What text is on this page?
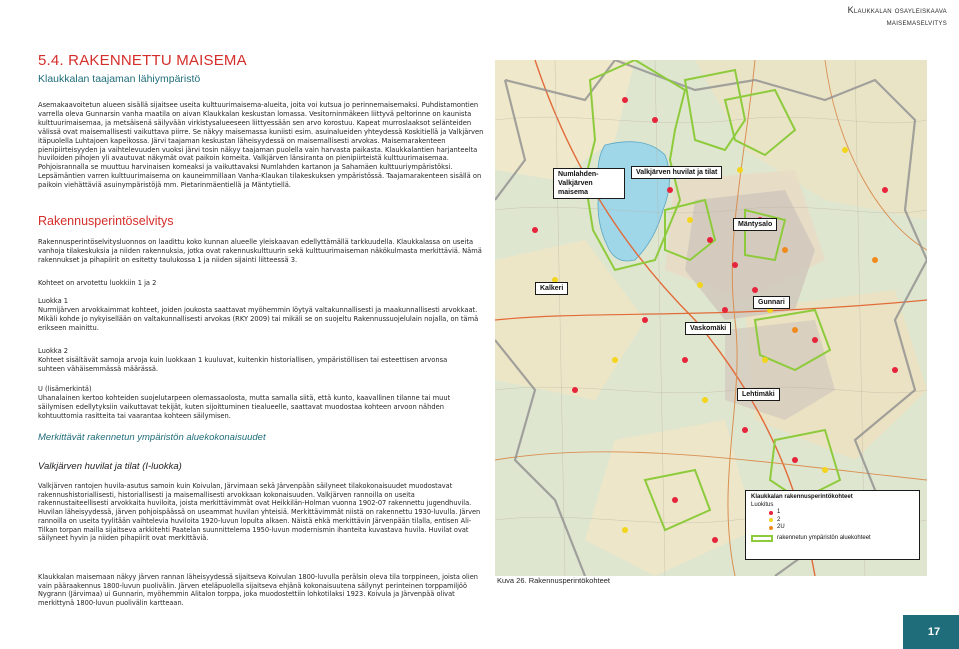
Klaukkalan osayleiskaava
maisemaselvitys
5.4. RAKENNETTU MAISEMA
Klaukkalan taajaman lähiympäristö
Asemakaavoitetun alueen sisällä sijaitsee useita kulttuurimaisema-alueita, joita voi kutsua jo perinnemaisemaksi. Puhdistamontien varrella oleva Gunnarsin vanha maatila on aivan Klaukkalan keskustan lomassa. Vesitorninmäkeen liittyvä peltorinne on kaunista kulttuurimaisemaa, ja metsäisenä säilyvään virkistysalueeseen liittyessään sen arvo korostuu. Kapeat murroslaaksot selänteiden välissä ovat maisemallisesti vaikuttava piirre. Se näkyy maisemassa kuniisti esim. asuinalueiden yhteydessä Koskitiellä ja Valkjärven itäpuolella Luhtajoen kapeikossa. Järvi taajaman keskustan läheisyydessä on maisemallisesti arvokas. Maisemarakenteen pienipiirteisyyden ja vaihtelevuuden vuoksi järvi tosin näkyy taajaman puolella vain harvasta paikasta. Klaukkalantien harjanteelta huviloiden pihojen yli avautuvat näkymät ovat paikoin komeita. Valkjärven länsiranta on pienipiirteistä kulttuurimaisemaa. Pohjoisrannalla se muuttuu harvinaisen komeaksi ja vaikuttavaksi Numlahden kartanon ja Sahamäen kulttuuriympäristöksi. Lepsämäntien varren kulttuurimaisema on kauneimmillaan Vanha-Klaukan tilakeskuksen ympäristössä. Taajamarakenteen sisällä on paikoin viehättäviä asuinympäristöjä mm. Pietarinmäentiellä ja Mäntytiellä.
Rakennusperintöselvitys
Rakennusperintöselvitysluonnos on laadittu koko kunnan alueelle yleiskaavan edellyttämällä tarkkuudella. Klaukkalassa on useita vanhoja tilakeskuksia ja niiden rakennuksia, jotka ovat rakennuskulttuurin sekä kulttuurimaiseman näkökulmasta merkittäviä. Nämä rakennukset ja pihapiirit on esitetty taulukossa 1 ja niiden sijainti liitteessä 3.
Kohteet on arvotettu luokkiin 1 ja 2
Luokka 1
Nurmijärven arvokkaimmat kohteet, joiden joukosta saattavat myöhemmin löytyä valtakunnallisesti ja maakunnallisesti arvokkaat. Mikäli kohde jo nykyisellään on valtakunnallisesti arvokas (RKY 2009) tai mikäli se on suojeltu Rakennussuojelulain nojalla, on tämä erikseen mainittu.
Luokka 2
Kohteet sisältävät samoja arvoja kuin luokkaan 1 kuuluvat, kuitenkin historiallisen, ympäristöllisen tai esteettisen arvonsa suhteen vähäisemmässä määrässä.
U (lisämerkintä)
Uhanalainen kertoo kohteiden suojelutarpeen olemassaolosta, mutta samalla siitä, että kunto, kaavallinen tilanne tai muut säilymisen edellytyksiin vaikuttavat tekijät, kuten sijoittuminen tiealueelle, saattavat muodostaa kohteen arvoon nähden kohtuuttomia rasitteita tai vaarantaa kohteen säilymisen.
Merkittävät rakennetun ympäristön aluekokonaisuudet
Valkjärven huvilat ja tilat (I-luokka)
Valkjärven rantojen huvila-asutus samoin kuin Koivulan, Järvimaan sekä Järvenpään säilyneet tilakokonaisuudet muodostavat rakennushistoriallisesti, historiallisesti ja maisemallisesti arvokkaan kokonaisuuden. Valkjärven rannoilla on useita rakennustaiteellisesti arvokkaita huviloita, joista merkittävimmät ovat Heikkilän-Holman vuonna 1902-07 rakennettu jugendhuvila. Huvilan läheisyydessä, järven pohjoispäässä on useammat huvilan yhteisiä. Merkittävimmät niistä on rakennettu 1930-luvulla. Järven rannoilla on useita tyylitään vaihtelevia huviloita 1920-luvun lopulta alkaen. Näistä ehkä merkittävin Järvenpään tilalla, entisen Ali-Tilkan torpan mailla sijaitseva arkkitehti Paatelan suunnittelema 1950-luvun modernismin ihanteita kuvastava huvila. Huvilat ovat säilyneet hyvin ja niiden pihapiirit ovat merkittäviä.
Klaukkalan maisemaan näkyy järven rannan läheisyydessä sijaitseva Koivulan 1800-luvulla perälsin oleva tila torppineen, joista olien vain pääraakennus 1800-luvun puolivälin. Järven eteläpuolella sijaitseva ehjänä kokonaisuutena säilynyt perinteinen torppamiljöö Nygrann (Järvimaa) ui Gunnarin, myöhemmin Alitalon torppa, joka muodostettiin lohkotilaksi 1923. Koivula ja Järvenpää olivat merkittynä 1800-luvun puolivälin kartteaan.
Numlahden-Valkjärven maisema
Valkjärven huvilat ja tilat
Mäntysalo
Kalkeri
Gunnari
Vaskomäki
Lehtimäki
Klaukkalan rakennusperintökohteet
Luokitus
1
2
2U
rakennetun ympäristön aluekohteet
Kuva 26. Rakennusperintökohteet
17
